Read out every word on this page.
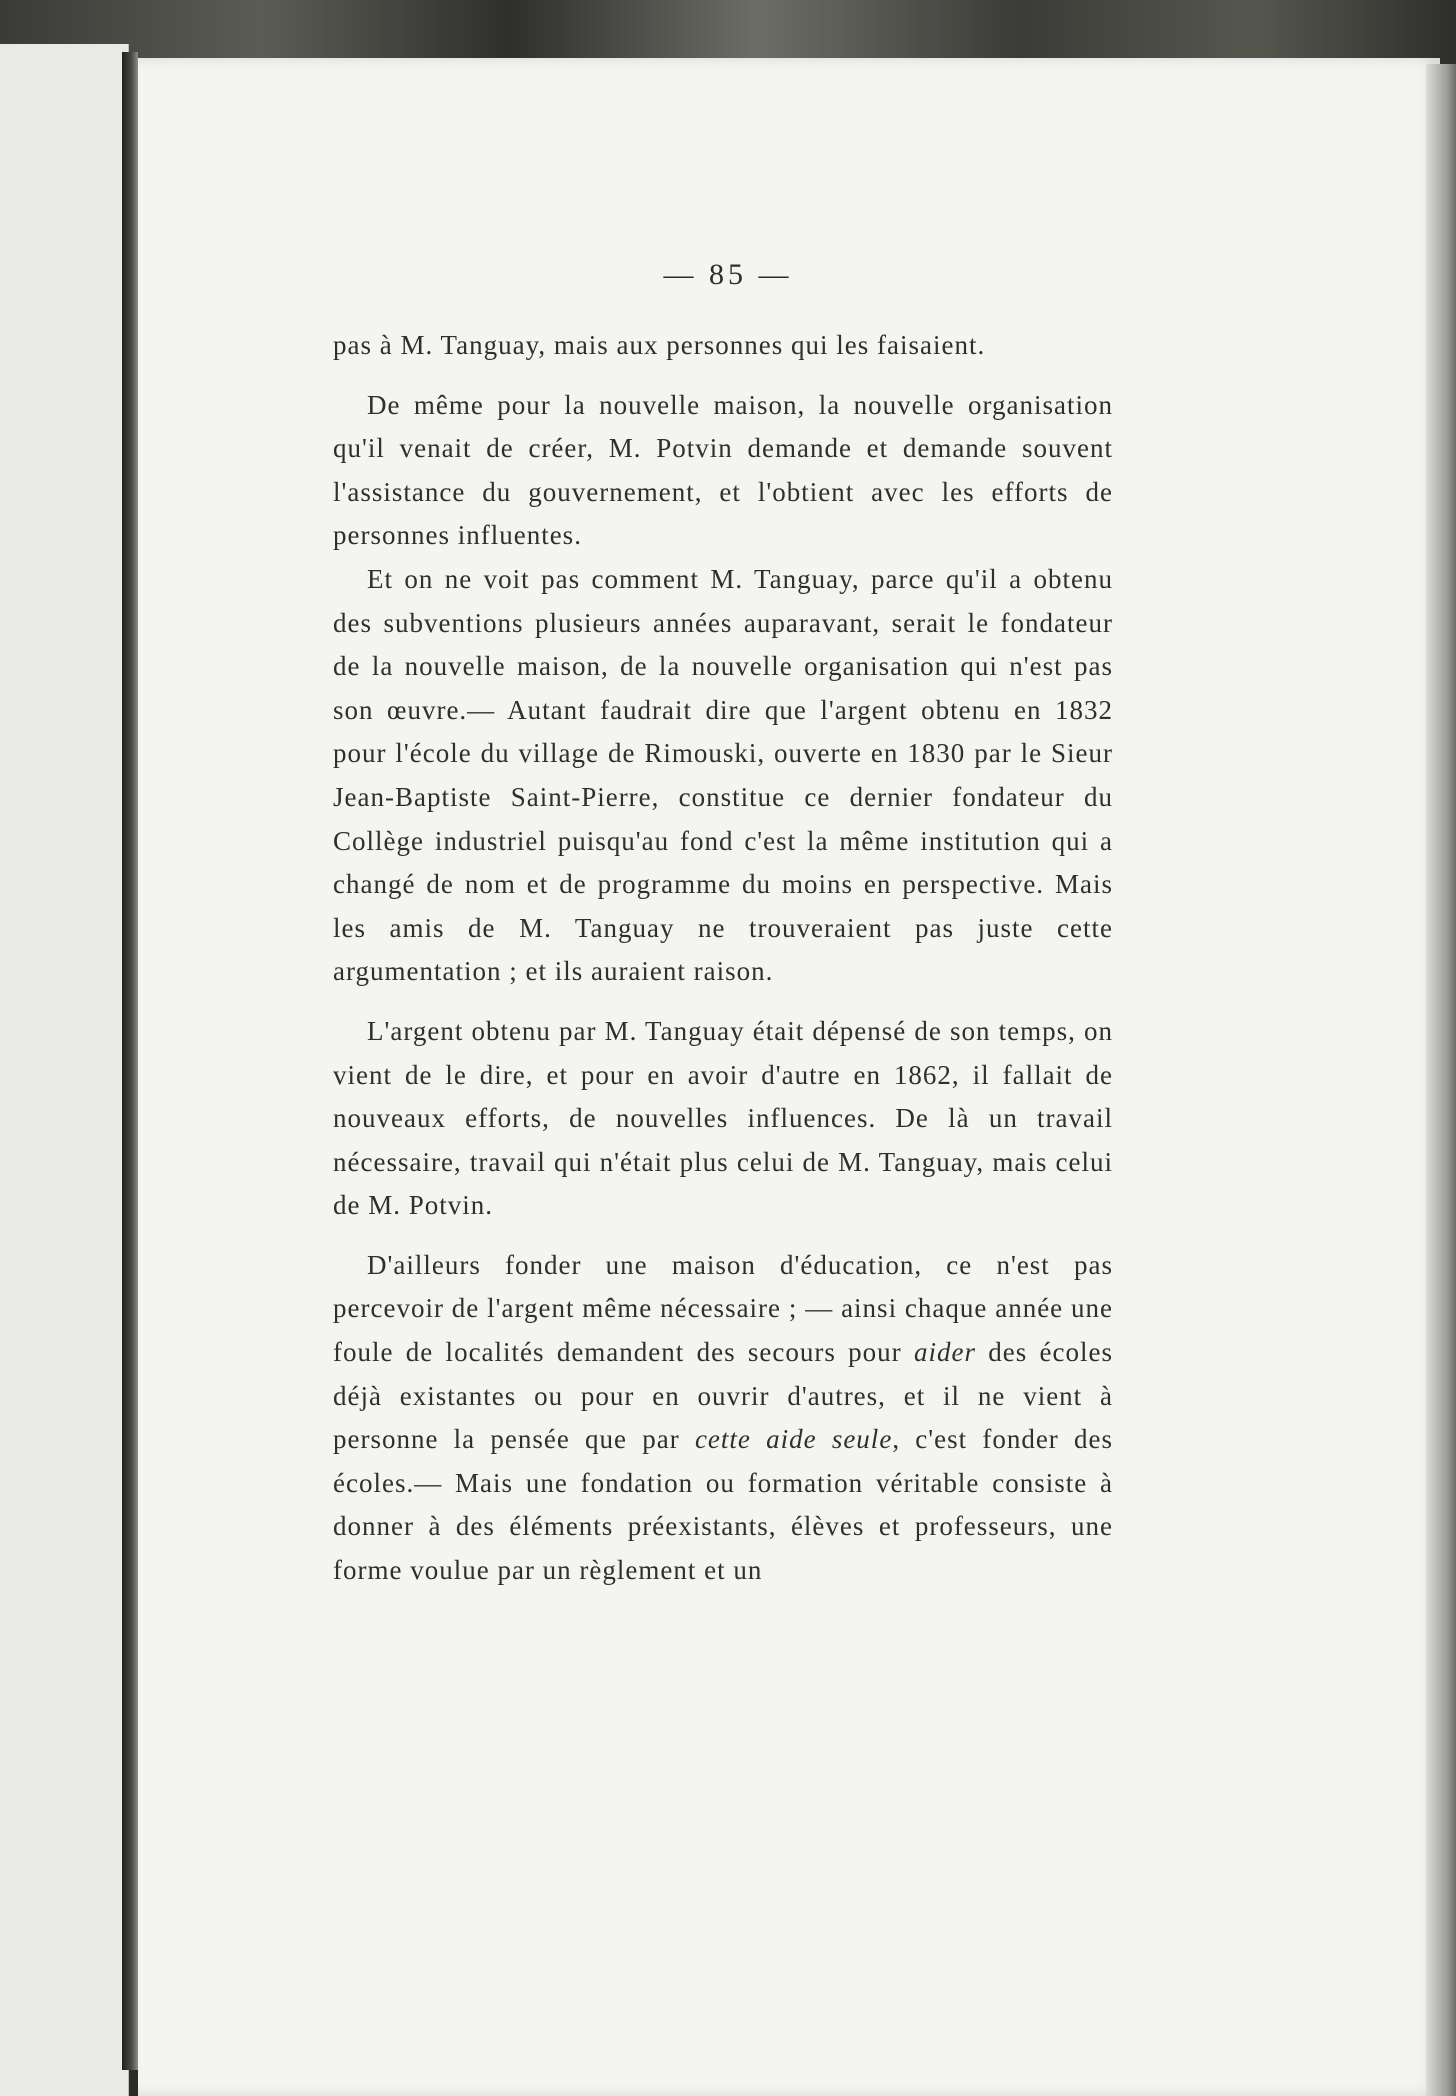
— 85 —

pas à M. Tanguay, mais aux personnes qui les faisaient.

De même pour la nouvelle maison, la nouvelle organisation qu'il venait de créer, M. Potvin demande et demande souvent l'assistance du gouvernement, et l'obtient avec les efforts de personnes influentes.

Et on ne voit pas comment M. Tanguay, parce qu'il a obtenu des subventions plusieurs années auparavant, serait le fondateur de la nouvelle maison, de la nouvelle organisation qui n'est pas son œuvre.— Autant faudrait dire que l'argent obtenu en 1832 pour l'école du village de Rimouski, ouverte en 1830 par le Sieur Jean-Baptiste Saint-Pierre, constitue ce dernier fondateur du Collège industriel puisqu'au fond c'est la même institution qui a changé de nom et de programme du moins en perspective. Mais les amis de M. Tanguay ne trouveraient pas juste cette argumentation ; et ils auraient raison.

L'argent obtenu par M. Tanguay était dépensé de son temps, on vient de le dire, et pour en avoir d'autre en 1862, il fallait de nouveaux efforts, de nouvelles influences. De là un travail nécessaire, travail qui n'était plus celui de M. Tanguay, mais celui de M. Potvin.

D'ailleurs fonder une maison d'éducation, ce n'est pas percevoir de l'argent même nécessaire ; — ainsi chaque année une foule de localités demandent des secours pour aider des écoles déjà existantes ou pour en ouvrir d'autres, et il ne vient à personne la pensée que par cette aide seule, c'est fonder des écoles.— Mais une fondation ou formation véritable consiste à donner à des éléments préexistants, élèves et professeurs, une forme voulue par un règlement et un
